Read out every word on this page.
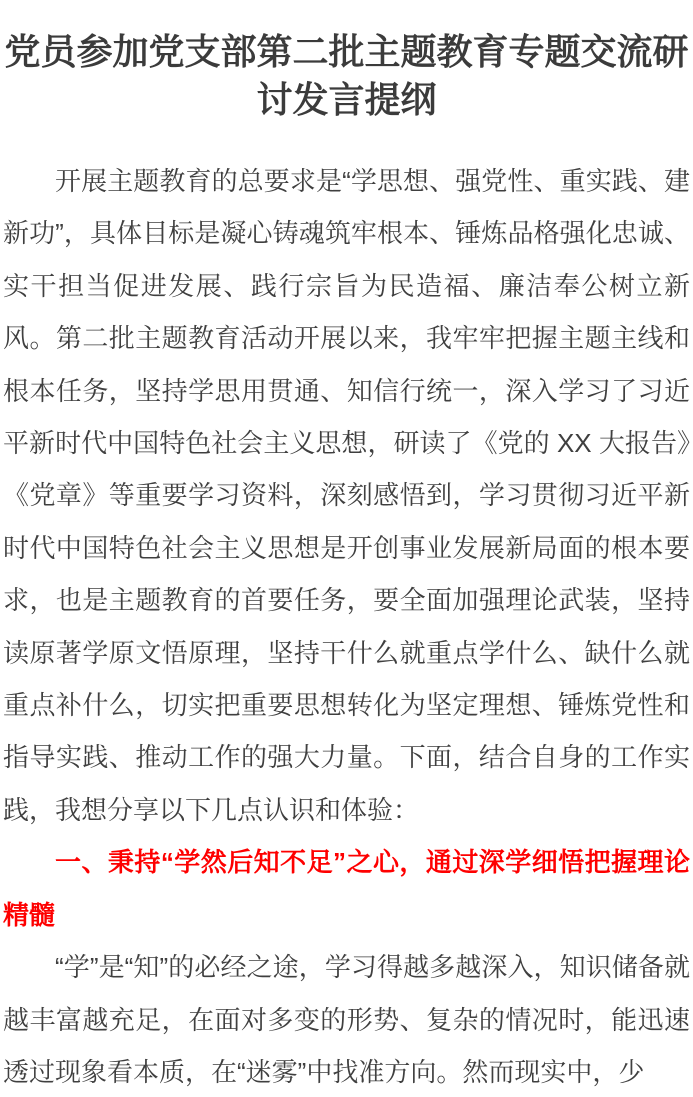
党员参加党支部第二批主题教育专题交流研讨发言提纲

开展主题教育的总要求是“学思想、强党性、重实践、建新功”，具体目标是凝心铸魂筑牢根本、锤炼品格强化忠诚、实干担当促进发展、践行宗旨为民造福、廉洁奉公树立新风。第二批主题教育活动开展以来，我牢牢把握主题主线和根本任务，坚持学思用贯通、知信行统一，深入学习了习近平新时代中国特色社会主义思想，研读了《党的 XX 大报告》《党章》等重要学习资料，深刻感悟到，学习贯彻习近平新时代中国特色社会主义思想是开创事业发展新局面的根本要求，也是主题教育的首要任务，要全面加强理论武装，坚持读原著学原文悟原理，坚持干什么就重点学什么、缺什么就重点补什么，切实把重要思想转化为坚定理想、锤炼党性和指导实践、推动工作的强大力量。下面，结合自身的工作实践，我想分享以下几点认识和体验：

一、秉持“学然后知不足”之心，通过深学细悟把握理论精髓

“学”是“知”的必经之途，学习得越多越深入，知识储备就越丰富越充足，在面对多变的形势、复杂的情况时，能迅速透过现象看本质，在“迷雾”中找准方向。然而现实中，少
